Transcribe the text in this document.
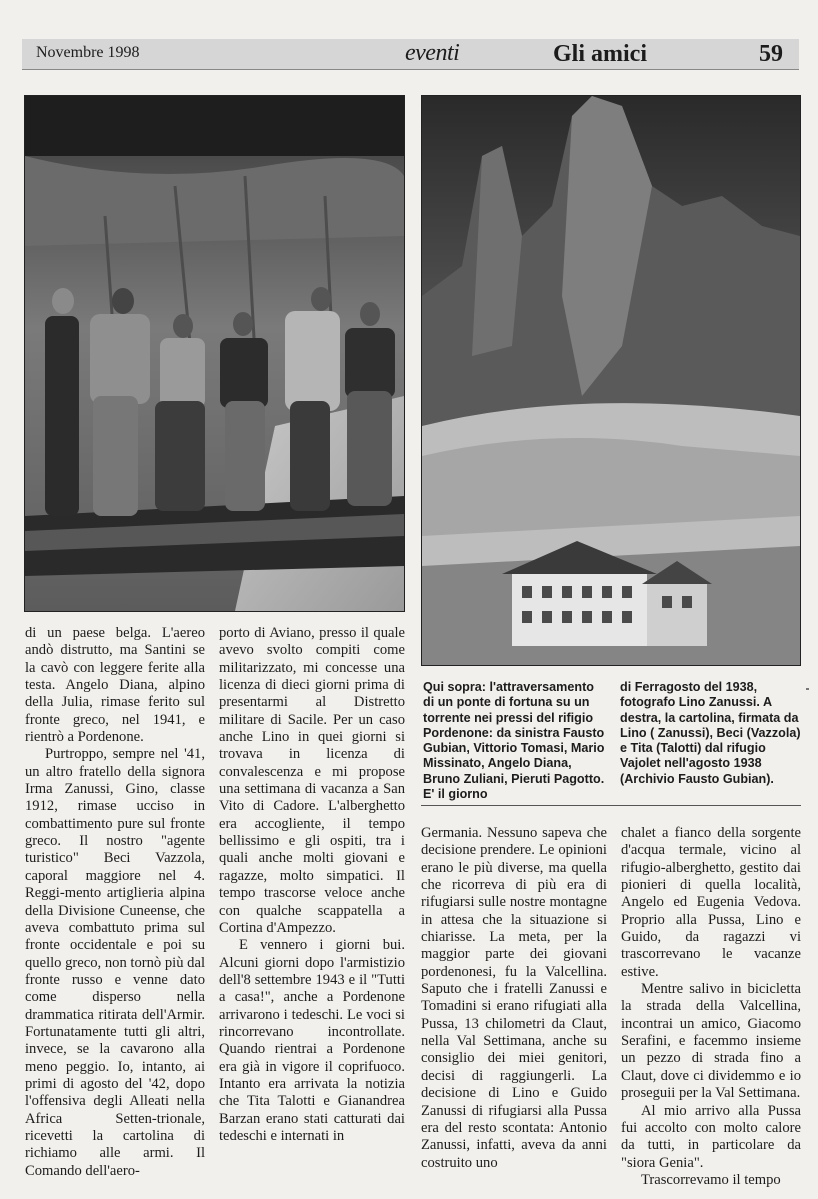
Novembre 1998	eventi	Gli amici	59

di un paese belga. L'aereo andò distrutto, ma Santini se la cavò con leggere ferite alla testa. Angelo Diana, alpino della Julia, rimase ferito sul fronte greco, nel 1941, e rientrò a Pordenone.

Purtroppo, sempre nel '41, un altro fratello della signora Irma Zanussi, Gino, classe 1912, rimase ucciso in combattimento pure sul fronte greco. Il nostro "agente turistico" Beci Vazzola, caporal maggiore nel 4. Reggi-mento artiglieria alpina della Divisione Cuneense, che aveva combattuto prima sul fronte occidentale e poi su quello greco, non tornò più dal fronte russo e venne dato come disperso nella drammatica ritirata dell'Armir. Fortunatamente tutti gli altri, invece, se la cavarono alla meno peggio. Io, intanto, ai primi di agosto del '42, dopo l'offensiva degli Alleati nella Africa Setten-trionale, ricevetti la cartolina di richiamo alle armi. Il Comando dell'aero-

porto di Aviano, presso il quale avevo svolto compiti come militarizzato, mi concesse una licenza di dieci giorni prima di presentarmi al Distretto militare di Sacile. Per un caso anche Lino in quei giorni si trovava in licenza di convalescenza e mi propose una settimana di vacanza a San Vito di Cadore. L'alberghetto era accogliente, il tempo bellissimo e gli ospiti, tra i quali anche molti giovani e ragazze, molto simpatici. Il tempo trascorse veloce anche con qualche scappatella a Cortina d'Ampezzo.

E vennero i giorni bui. Alcuni giorni dopo l'armistizio dell'8 settembre 1943 e il "Tutti a casa!", anche a Pordenone arrivarono i tedeschi. Le voci si rincorrevano incontrollate. Quando rientrai a Pordenone era già in vigore il coprifuoco. Intanto era arrivata la notizia che Tita Talotti e Gianandrea Barzan erano stati catturati dai tedeschi e internati in

Qui sopra: l'attraversamento di un ponte di fortuna su un torrente nei pressi del rifigio Pordenone: da sinistra Fausto Gubian, Vittorio Tomasi, Mario Missinato, Angelo Diana, Bruno Zuliani, Pieruti Pagotto. E' il giorno
di Ferragosto del 1938, fotografo Lino Zanussi. A destra, la cartolina, firmata da Lino ( Zanussi), Beci (Vazzola) e Tita (Talotti) dal rifugio Vajolet nell'agosto 1938 (Archivio Fausto Gubian).

Germania. Nessuno sapeva che decisione prendere. Le opinioni erano le più diverse, ma quella che ricorreva di più era di rifugiarsi sulle nostre montagne in attesa che la situazione si chiarisse. La meta, per la maggior parte dei giovani pordenonesi, fu la Valcellina. Saputo che i fratelli Zanussi e Tomadini si erano rifugiati alla Pussa, 13 chilometri da Claut, nella Val Settimana, anche su consiglio dei miei genitori, decisi di raggiungerli. La decisione di Lino e Guido Zanussi di rifugiarsi alla Pussa era del resto scontata: Antonio Zanussi, infatti, aveva da anni costruito uno

chalet a fianco della sorgente d'acqua termale, vicino al rifugio-alberghetto, gestito dai pionieri di quella località, Angelo ed Eugenia Vedova. Proprio alla Pussa, Lino e Guido, da ragazzi vi trascorrevano le vacanze estive.

Mentre salivo in bicicletta la strada della Valcellina, incontrai un amico, Giacomo Serafini, e facemmo insieme un pezzo di strada fino a Claut, dove ci dividemmo e io proseguii per la Val Settimana.

Al mio arrivo alla Pussa fui accolto con molto calore da tutti, in particolare da "siora Genia".

Trascorrevamo il tempo
